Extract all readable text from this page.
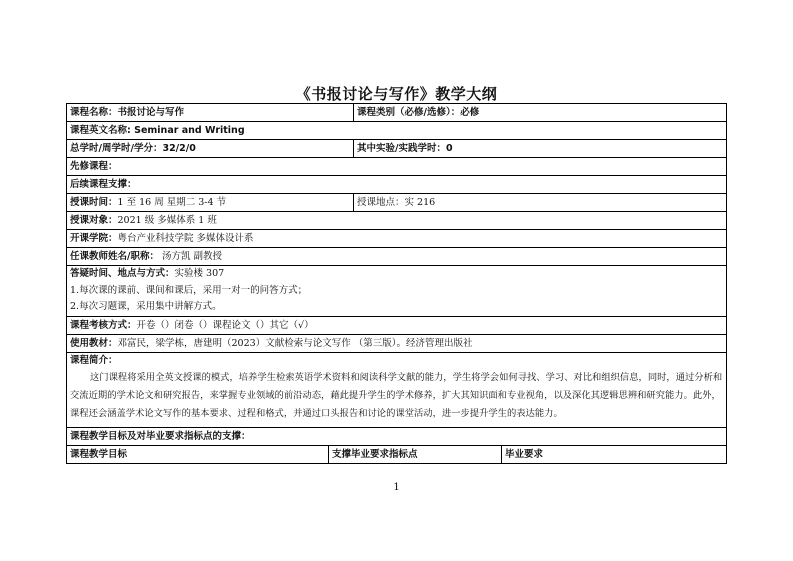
《书报讨论与写作》教学大纲
课程名称：书报讨论与写作	课程类别（必修/选修）：必修
课程英文名称: Seminar and Writing
总学时/周学时/学分：32/2/0	其中实验/实践学时：0
先修课程：
后续课程支撑：
授课时间：1 至 16 周 星期二 3-4 节	授课地点：实 216
授课对象：2021 级 多媒体系 1 班
开课学院：粤台产业科技学院 多媒体设计系
任课教师姓名/职称： 汤方凯 副教授
答疑时间、地点与方式：实验楼 307
1.每次课的课前、课间和课后，采用一对一的问答方式；
2.每次习题课，采用集中讲解方式。
课程考核方式：开卷（）闭卷（）课程论文（）其它（√）
使用教材：邓富民，梁学栋，唐建明（2023）文献检索与论文写作 （第三版）。经济管理出版社
课程简介：
这门课程将采用全英文授课的模式，培养学生检索英语学术资料和阅读科学文献的能力，学生将学会如何寻找、学习、对比和组织信息，同时，通过分析和交流近期的学术论文和研究报告，来掌握专业领域的前沿动态，藉此提升学生的学术修养，扩大其知识面和专业视角，以及深化其逻辑思辨和研究能力。此外，课程还会涵盖学术论文写作的基本要求、过程和格式，并通过口头报告和讨论的课堂活动，进一步提升学生的表达能力。
课程教学目标及对毕业要求指标点的支撑：
课程教学目标	支撑毕业要求指标点	毕业要求
1
